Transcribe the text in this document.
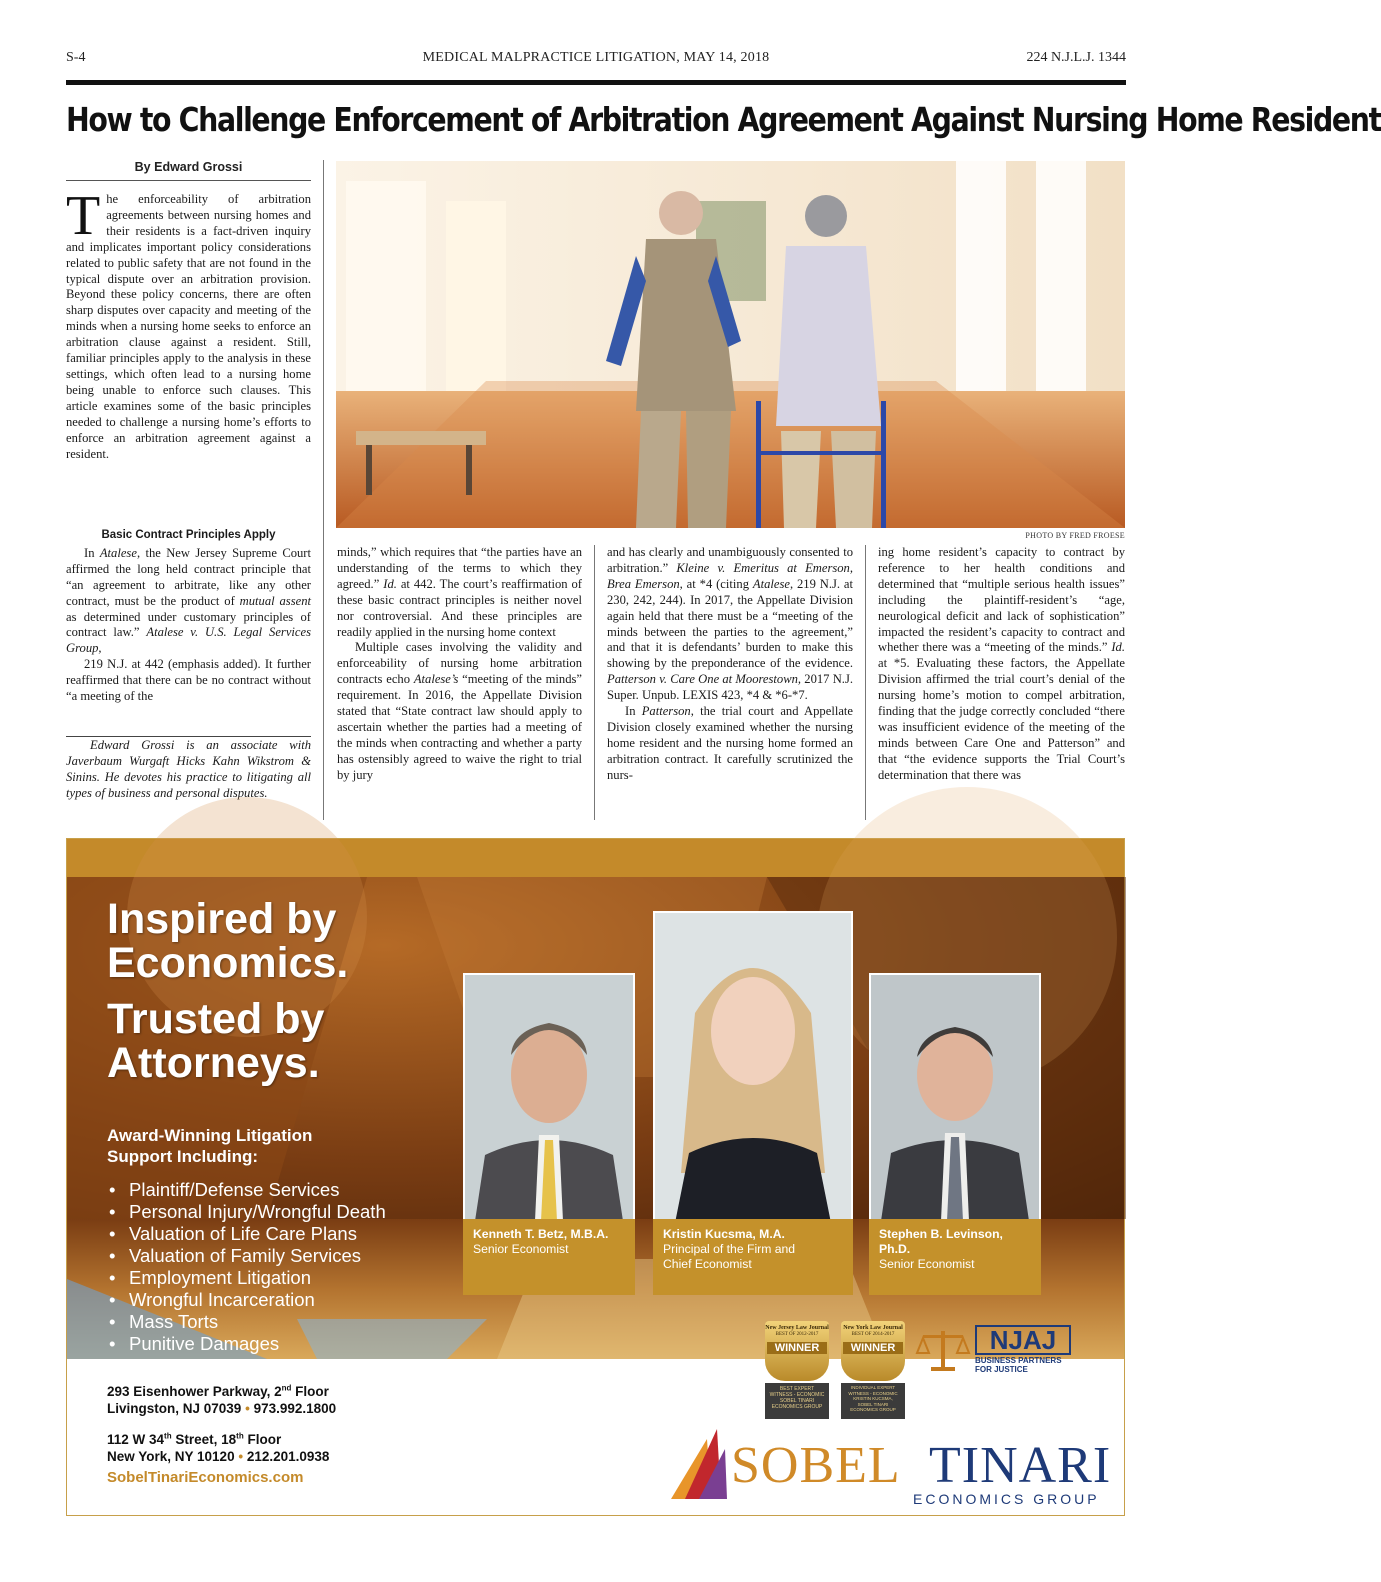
S-4	MEDICAL MALPRACTICE LITIGATION, MAY 14, 2018	224 N.J.L.J. 1344
How to Challenge Enforcement of Arbitration Agreement Against Nursing Home Resident
By Edward Grossi

The enforceability of arbitration agreements between nursing homes and their residents is a fact-driven inquiry and implicates important policy considerations related to public safety that are not found in the typical dispute over an arbitration provision. Beyond these policy concerns, there are often sharp disputes over capacity and meeting of the minds when a nursing home seeks to enforce an arbitration clause against a resident. Still, familiar principles apply to the analysis in these settings, which often lead to a nursing home being unable to enforce such clauses. This article examines some of the basic principles needed to challenge a nursing home’s efforts to enforce an arbitration agreement against a resident.

Basic Contract Principles Apply

In Atalese, the New Jersey Supreme Court affirmed the long held contract principle that “an agreement to arbitrate, like any other contract, must be the product of mutual assent as determined under customary principles of contract law.” Atalese v. U.S. Legal Services Group,

219 N.J. at 442 (emphasis added). It further reaffirmed that there can be no contract without “a meeting of the

Edward Grossi is an associate with Javerbaum Wurgaft Hicks Kahn Wikstrom & Sinins. He devotes his practice to litigating all types of business and personal disputes.
PHOTO BY FRED FROESE

minds,” which requires that “the parties have an understanding of the terms to which they agreed.” Id. at 442. The court’s reaffirmation of these basic contract principles is neither novel nor controversial. And these principles are readily applied in the nursing home context

Multiple cases involving the validity and enforceability of nursing home arbitration contracts echo Atalese’s “meeting of the minds” requirement. In 2016, the Appellate Division stated that “State contract law should apply to ascertain whether the parties had a meeting of the minds when contracting and whether a party has ostensibly agreed to waive the right to trial by jury

and has clearly and unambiguously consented to arbitration.” Kleine v. Emeritus at Emerson, Brea Emerson, at *4 (citing Atalese, 219 N.J. at 230, 242, 244). In 2017, the Appellate Division again held that there must be a “meeting of the minds between the parties to the agreement,” and that it is defendants’ burden to make this showing by the preponderance of the evidence. Patterson v. Care One at Moorestown, 2017 N.J. Super. Unpub. LEXIS 423, *4 & *6-*7.

In Patterson, the trial court and Appellate Division closely examined whether the nursing home resident and the nursing home formed an arbitration contract. It carefully scrutinized the nurs-

ing home resident’s capacity to contract by reference to her health conditions and determined that “multiple serious health issues” including the plaintiff-resident’s “age, neurological deficit and lack of sophistication” impacted the resident’s capacity to contract and whether there was a “meeting of the minds.” Id. at *5. Evaluating these factors, the Appellate Division affirmed the trial court’s denial of the nursing home’s motion to compel arbitration, finding that the judge correctly concluded “there was insufficient evidence of the meeting of the minds between Care One and Patterson” and that “the evidence supports the Trial Court’s determination that there was

Inspired by
Economics.
Trusted by
Attorneys.
Award-Winning Litigation
Support Including:
• Plaintiff/Defense Services
• Personal Injury/Wrongful Death
• Valuation of Life Care Plans
• Valuation of Family Services
• Employment Litigation
• Wrongful Incarceration
• Mass Torts
• Punitive Damages
Kenneth T. Betz, M.B.A.
Senior Economist
Kristin Kucsma, M.A.
Principal of the Firm and
Chief Economist
Stephen B. Levinson, Ph.D.
Senior Economist
New Jersey Law Journal
BEST OF 2012-2017
WINNER
BEST EXPERT
WITNESS - ECONOMIC
SOBEL TINARI
ECONOMICS GROUP
New York Law Journal
BEST OF 2014-2017
WINNER
INDIVIDUAL EXPERT
WITNESS - ECONOMIC
KRISTIN KUCSMA,
SOBEL TINARI
ECONOMICS GROUP
NJAJ
BUSINESS PARTNERS
FOR JUSTICE
SOBEL TINARI
ECONOMICS GROUP
293 Eisenhower Parkway, 2nd Floor
Livingston, NJ 07039 • 973.992.1800
112 W 34th Street, 18th Floor
New York, NY 10120 • 212.201.0938
SobelTinariEconomics.com
